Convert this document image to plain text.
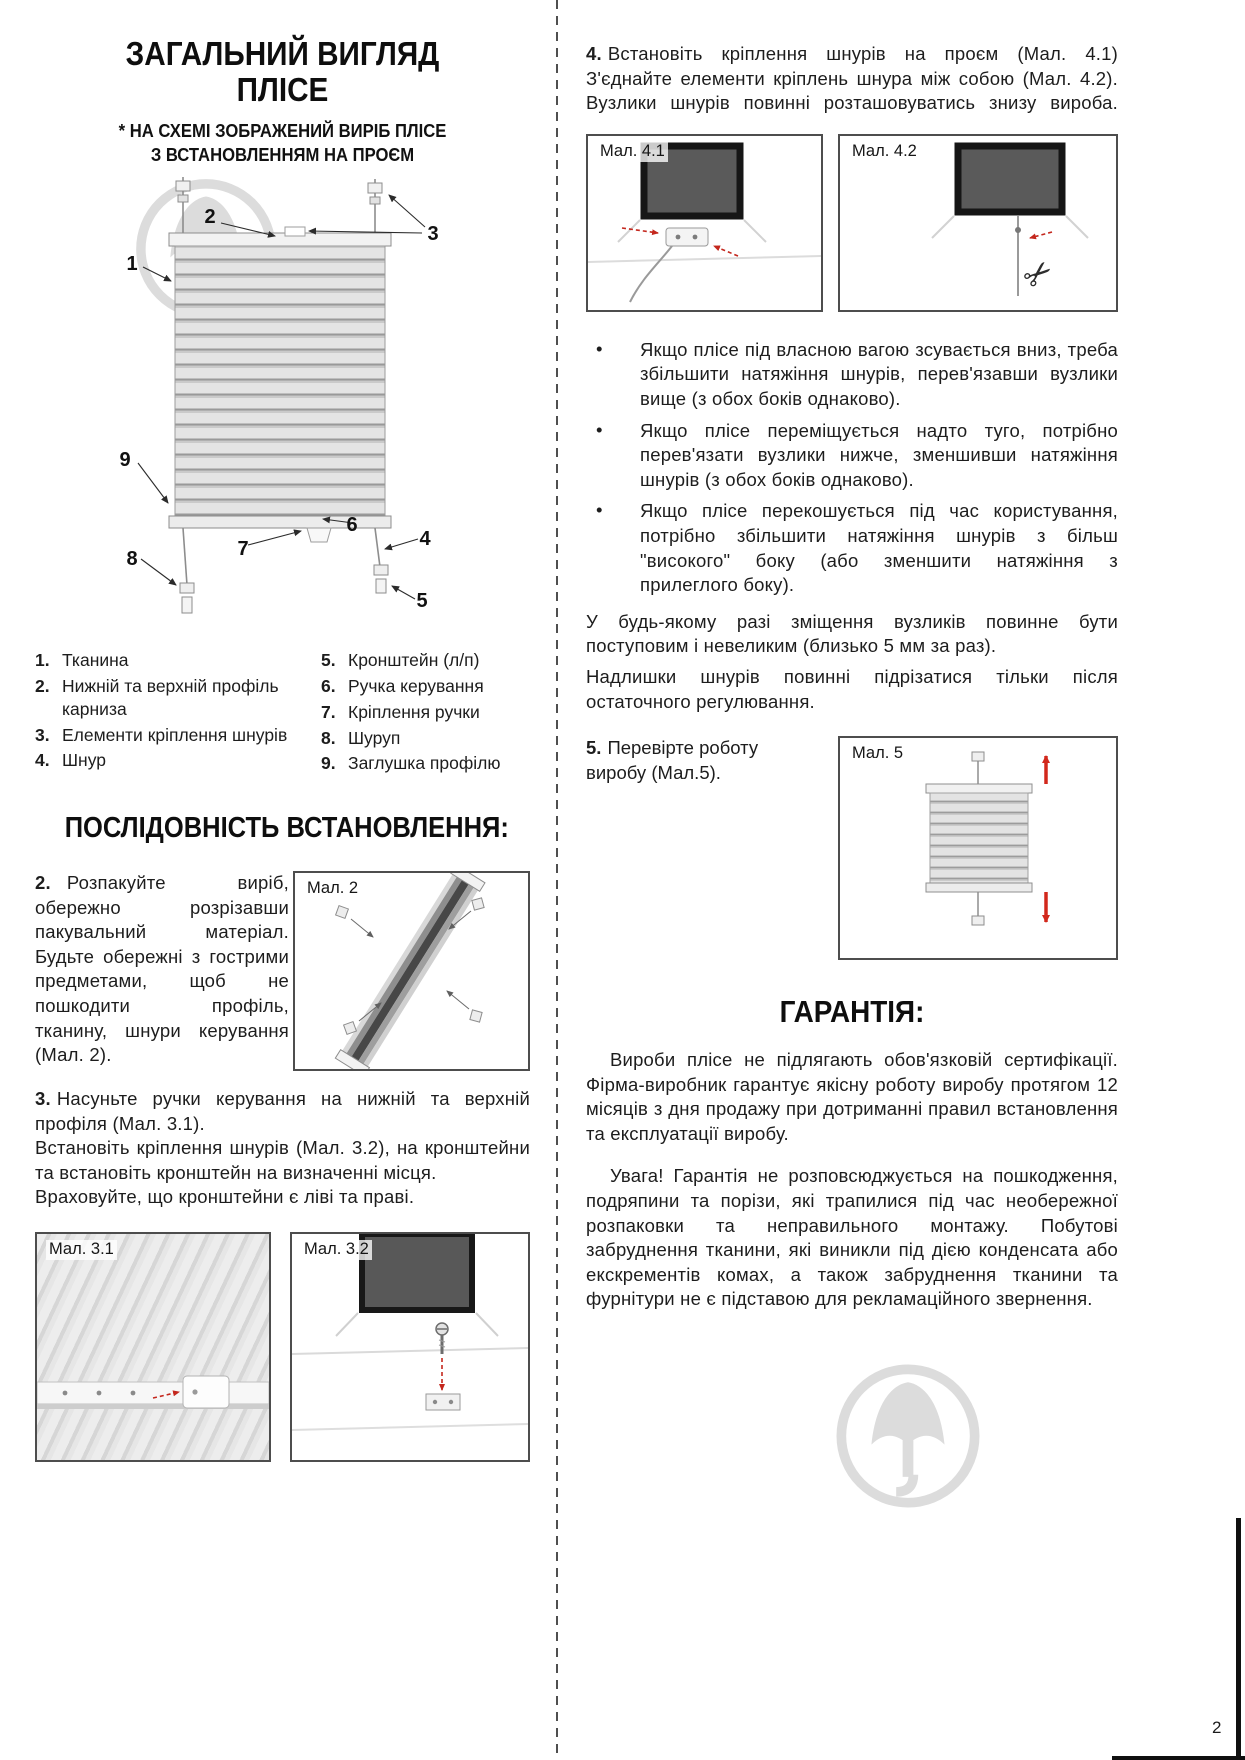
ЗАГАЛЬНИЙ ВИГЛЯД
ПЛІСЕ
* НА СХЕМІ ЗОБРАЖЕНИЙ ВИРІБ ПЛІСЕ
З ВСТАНОВЛЕННЯМ НА ПРОЄМ
1
2
3
4
5
6
7
8
9
1. Тканина
2. Нижній та верхній профіль карниза
3. Елементи кріплення шнурів
4. Шнур
5. Кронштейн (л/п)
6. Ручка керування
7. Кріплення ручки
8. Шуруп
9. Заглушка профілю
ПОСЛІДОВНІСТЬ ВСТАНОВЛЕННЯ:

2. Розпакуйте виріб, обережно розрізавши пакувальний матеріал. Будьте обережні з гострими предметами, щоб не пошкодити профіль, тканину, шнури керування (Мал. 2).

Мал. 2

3. Насуньте ручки керування на нижній та верхній профіля (Мал. 3.1).

Встановіть кріплення шнурів (Мал. 3.2), на кронштейни та встановіть кронштейн на визначенні місця.

Враховуйте, що кронштейни є ліві та праві.

Мал. 3.1	Мал. 3.2

4. Встановіть кріплення шнурів на проєм (Мал. 4.1) З'єднайте елементи кріплень шнура між собою (Мал. 4.2). Вузлики шнурів повинні розташовуватись знизу вироба.

Мал. 4.1	Мал. 4.2
✂
•	Якщо плісе під власною вагою зсувається вниз, треба збільшити натяжіння шнурів, перев'язавши вузлики вище (з обох боків однаково).
•	Якщо плісе переміщується надто туго, потрібно перев'язати вузлики нижче, зменшивши натяжіння шнурів (з обох боків однаково).
•	Якщо плісе перекошується під час користування, потрібно збільшити натяжіння шнурів з більш "високого" боку (або зменшити натяжіння з прилеглого боку).

У будь-якому разі зміщення вузликів повинне бути поступовим і невеликим (близько 5 мм за раз).

Надлишки шнурів повинні підрізатися тільки після остаточного регулювання.

5. Перевірте роботу виробу (Мал.5).

Мал. 5
ГАРАНТІЯ:

Вироби плісе не підлягають обов'язковій сертифікації. Фірма-виробник гарантує якісну роботу виробу протягом 12 місяців з дня продажу при дотриманні правил встановлення та експлуатації виробу.

Увага! Гарантія не розповсюджується на пошкодження, подряпини та порізи, які трапилися під час необережної розпаковки та неправильного монтажу. Побутові забруднення тканини, які виникли під дією конденсата або екскрементів комах, а також забруднення тканини та фурнітури не є підставою для рекламаційного звернення.

2
